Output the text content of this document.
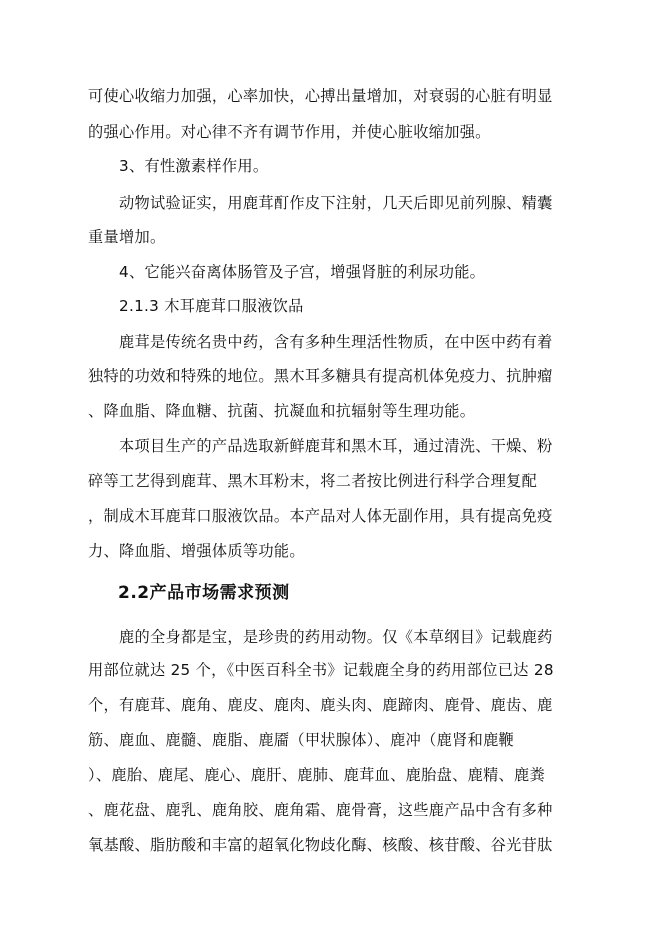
可使心收缩力加强，心率加快，心搏出量增加，对衰弱的心脏有明显
的强心作用。对心律不齐有调节作用，并使心脏收缩加强。
3、有性激素样作用。
动物试验证实，用鹿茸酊作皮下注射，几天后即见前列腺、精囊
重量增加。
4、它能兴奋离体肠管及子宫，增强肾脏的利尿功能。
2.1.3 木耳鹿茸口服液饮品
鹿茸是传统名贵中药，含有多种生理活性物质，在中医中药有着
独特的功效和特殊的地位。黑木耳多糖具有提高机体免疫力、抗肿瘤
、降血脂、降血糖、抗菌、抗凝血和抗辐射等生理功能。
本项目生产的产品选取新鲜鹿茸和黑木耳，通过清洗、干燥、粉
碎等工艺得到鹿茸、黑木耳粉末，将二者按比例进行科学合理复配
，制成木耳鹿茸口服液饮品。本产品对人体无副作用，具有提高免疫
力、降血脂、增强体质等功能。
2.2产品市场需求预测
鹿的全身都是宝，是珍贵的药用动物。仅《本草纲目》记载鹿药
用部位就达 25 个，《中医百科全书》记载鹿全身的药用部位已达 28
个，有鹿茸、鹿角、鹿皮、鹿肉、鹿头肉、鹿蹄肉、鹿骨、鹿齿、鹿
筋、鹿血、鹿髓、鹿脂、鹿靥（甲状腺体）、鹿冲（鹿肾和鹿鞭
）、鹿胎、鹿尾、鹿心、鹿肝、鹿肺、鹿茸血、鹿胎盘、鹿精、鹿粪
、鹿花盘、鹿乳、鹿角胶、鹿角霜、鹿骨膏，这些鹿产品中含有多种
氧基酸、脂肪酸和丰富的超氧化物歧化酶、核酸、核苷酸、谷光苷肽
